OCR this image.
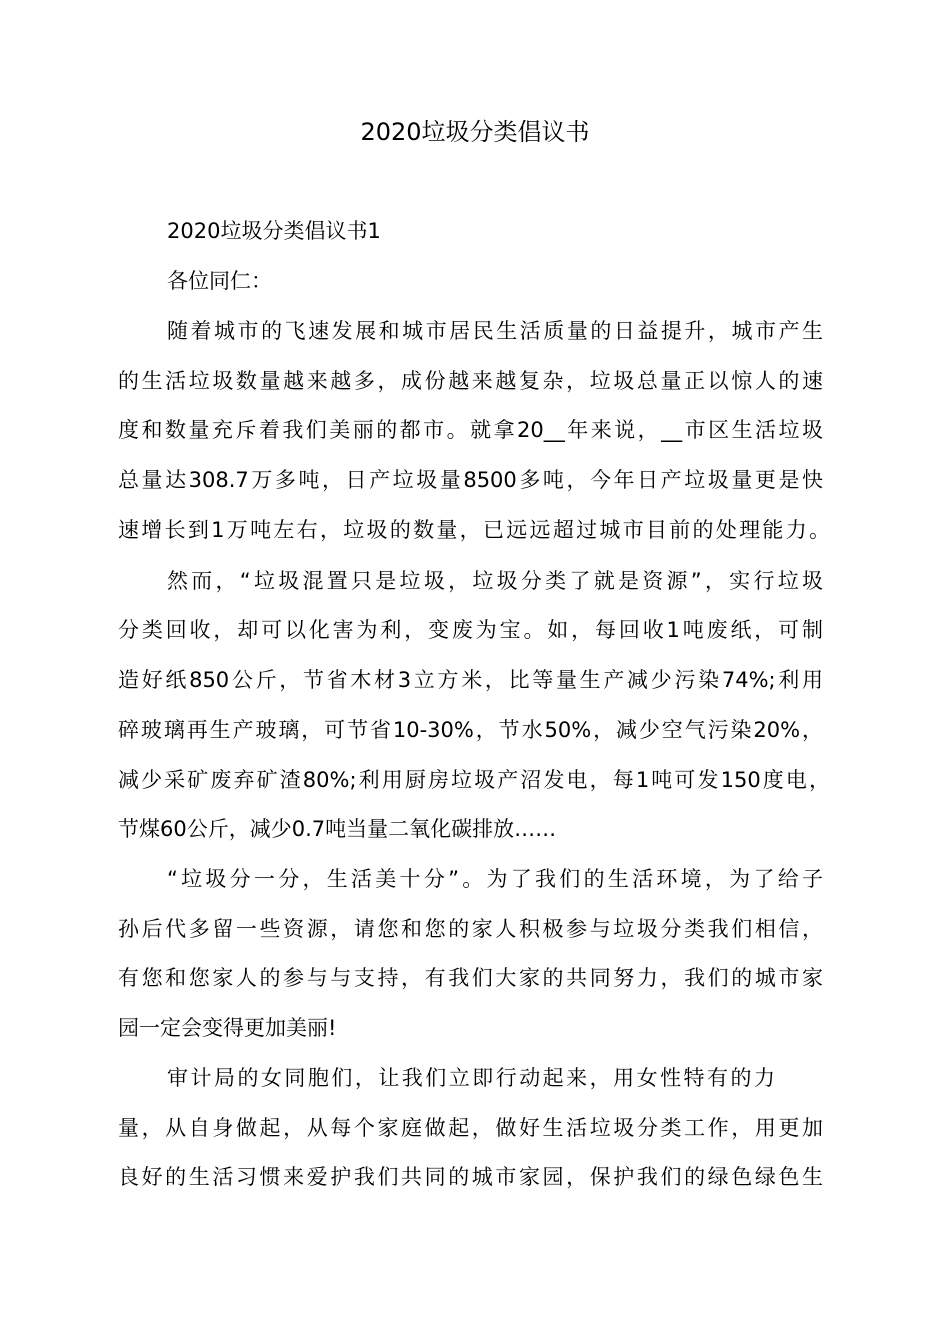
2020垃圾分类倡议书
2020垃圾分类倡议书1
各位同仁：
随着城市的飞速发展和城市居民生活质量的日益提升，城市产生
的生活垃圾数量越来越多，成份越来越复杂，垃圾总量正以惊人的速
度和数量充斥着我们美丽的都市。就拿20__年来说，__市区生活垃圾
总量达308.7万多吨，日产垃圾量8500多吨，今年日产垃圾量更是快
速增长到1万吨左右，垃圾的数量，已远远超过城市目前的处理能力。
然而，“垃圾混置只是垃圾，垃圾分类了就是资源”，实行垃圾
分类回收，却可以化害为利，变废为宝。如，每回收1吨废纸，可制
造好纸850公斤，节省木材3立方米，比等量生产减少污染74%;利用
碎玻璃再生产玻璃，可节省10-30%，节水50%，减少空气污染20%，
减少采矿废弃矿渣80%;利用厨房垃圾产沼发电，每1吨可发150度电，
节煤60公斤，减少0.7吨当量二氧化碳排放……
“垃圾分一分，生活美十分”。为了我们的生活环境，为了给子
孙后代多留一些资源，请您和您的家人积极参与垃圾分类我们相信，
有您和您家人的参与与支持，有我们大家的共同努力，我们的城市家
园一定会变得更加美丽!
审计局的女同胞们，让我们立即行动起来，用女性特有的力
量，从自身做起，从每个家庭做起，做好生活垃圾分类工作，用更加
良好的生活习惯来爱护我们共同的城市家园，保护我们的绿色绿色生
